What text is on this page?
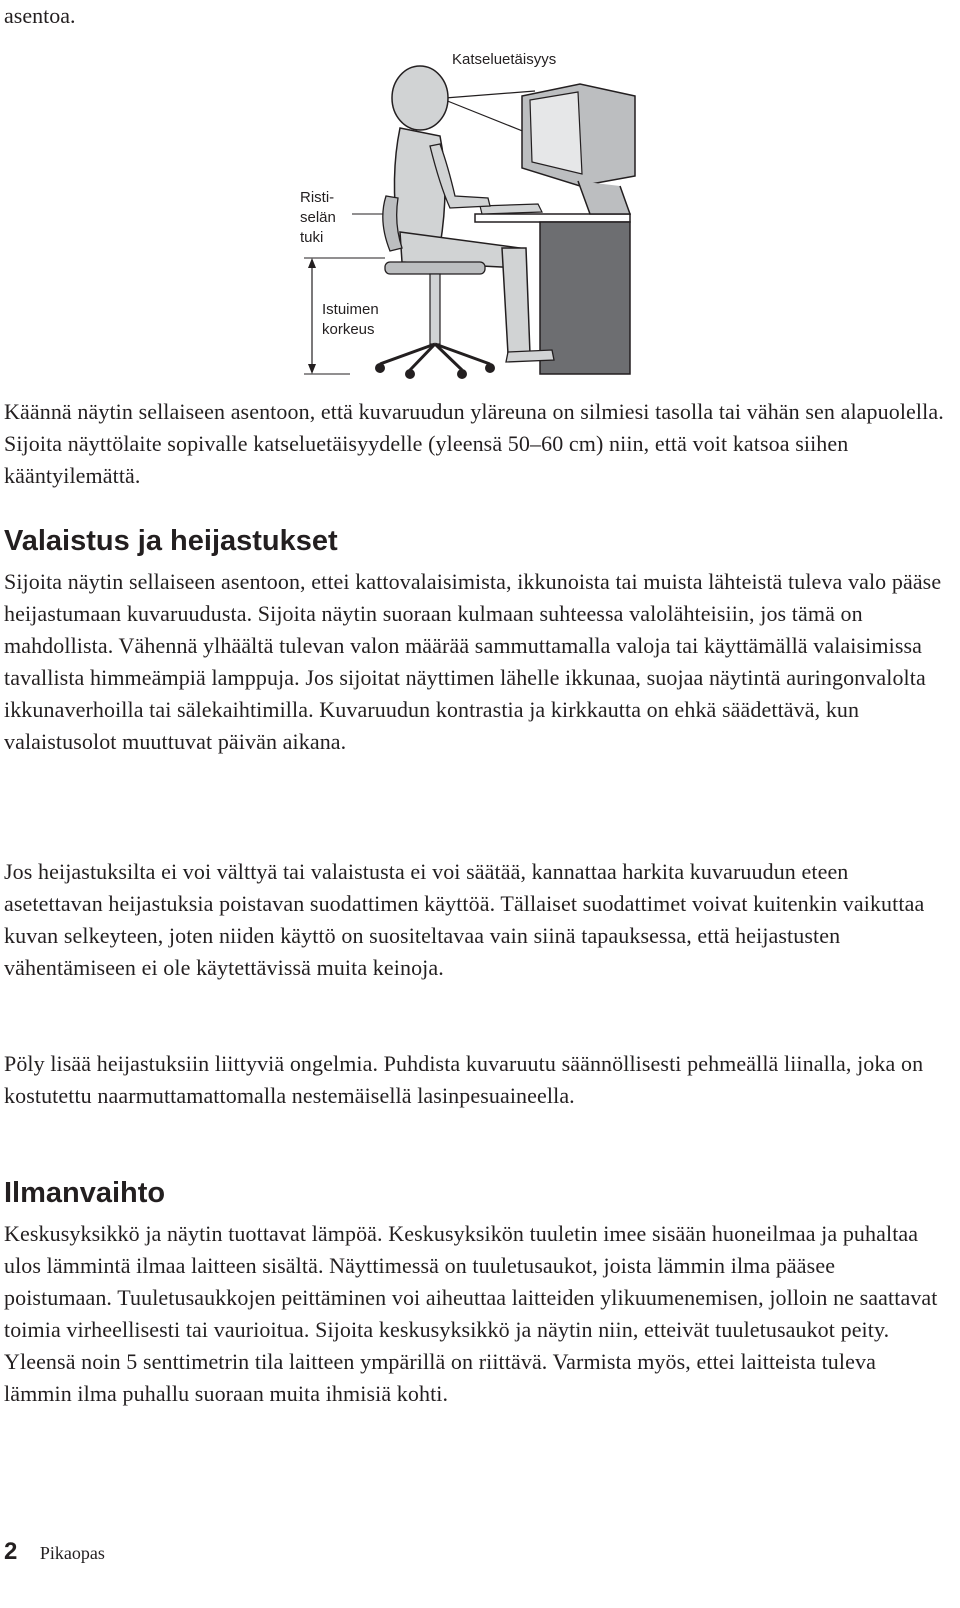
asentoa.
Katseluetäisyys
Risti-
selän
tuki
Istuimen
korkeus

Käännä näytin sellaiseen asentoon, että kuvaruudun yläreuna on silmiesi tasolla tai vähän sen alapuolella. Sijoita näyttölaite sopivalle katseluetäisyydelle (yleensä 50–60 cm) niin, että voit katsoa siihen kääntyilemättä.

Valaistus ja heijastukset

Sijoita näytin sellaiseen asentoon, ettei kattovalaisimista, ikkunoista tai muista lähteistä tuleva valo pääse heijastumaan kuvaruudusta. Sijoita näytin suoraan kulmaan suhteessa valolähteisiin, jos tämä on mahdollista. Vähennä ylhäältä tulevan valon määrää sammuttamalla valoja tai käyttämällä valaisimissa tavallista himmeämpiä lamppuja. Jos sijoitat näyttimen lähelle ikkunaa, suojaa näytintä auringonvalolta ikkunaverhoilla tai sälekaihtimilla. Kuvaruudun kontrastia ja kirkkautta on ehkä säädettävä, kun valaistusolot muuttuvat päivän aikana.

Jos heijastuksilta ei voi välttyä tai valaistusta ei voi säätää, kannattaa harkita kuvaruudun eteen asetettavan heijastuksia poistavan suodattimen käyttöä. Tällaiset suodattimet voivat kuitenkin vaikuttaa kuvan selkeyteen, joten niiden käyttö on suositeltavaa vain siinä tapauksessa, että heijastusten vähentämiseen ei ole käytettävissä muita keinoja.

Pöly lisää heijastuksiin liittyviä ongelmia. Puhdista kuvaruutu säännöllisesti pehmeällä liinalla, joka on kostutettu naarmuttamattomalla nestemäisellä lasinpesuaineella.

Ilmanvaihto

Keskusyksikkö ja näytin tuottavat lämpöä. Keskusyksikön tuuletin imee sisään huoneilmaa ja puhaltaa ulos lämmintä ilmaa laitteen sisältä. Näyttimessä on tuuletusaukot, joista lämmin ilma pääsee poistumaan. Tuuletusaukkojen peittäminen voi aiheuttaa laitteiden ylikuumenemisen, jolloin ne saattavat toimia virheellisesti tai vaurioitua. Sijoita keskusyksikkö ja näytin niin, etteivät tuuletusaukot peity. Yleensä noin 5 senttimetrin tila laitteen ympärillä on riittävä. Varmista myös, ettei laitteista tuleva lämmin ilma puhallu suoraan muita ihmisiä kohti.

2 Pikaopas
